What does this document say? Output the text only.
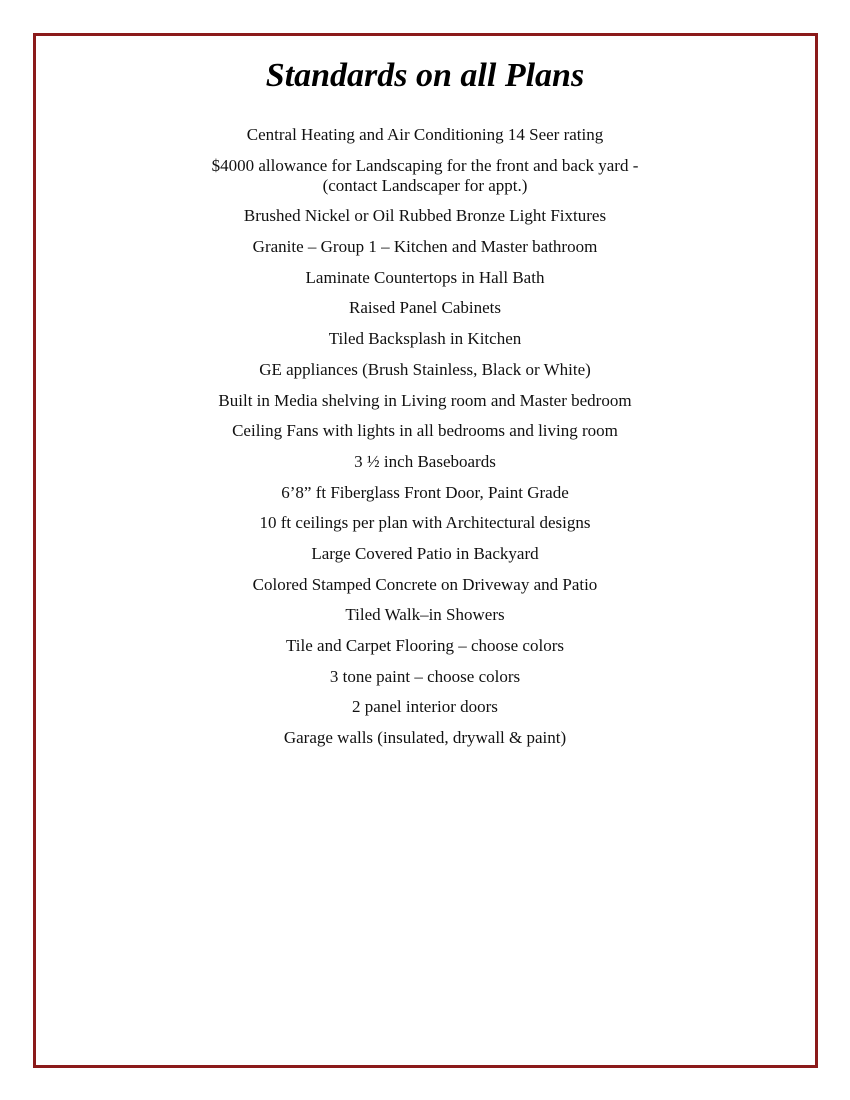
Standards on all Plans
Central Heating and Air Conditioning 14 Seer rating
$4000 allowance for Landscaping for the front and back yard -
(contact Landscaper for appt.)
Brushed Nickel or Oil Rubbed Bronze Light Fixtures
Granite – Group 1 – Kitchen and Master bathroom
Laminate Countertops in Hall Bath
Raised Panel Cabinets
Tiled Backsplash in Kitchen
GE appliances (Brush Stainless, Black or White)
Built in Media shelving in Living room and Master bedroom
Ceiling Fans with lights in all bedrooms and living room
3 ½ inch Baseboards
6’8” ft Fiberglass Front Door, Paint Grade
10 ft ceilings per plan with Architectural designs
Large Covered Patio in Backyard
Colored Stamped Concrete on Driveway and Patio
Tiled Walk–in Showers
Tile and Carpet Flooring – choose colors
3 tone paint – choose colors
2 panel interior doors
Garage walls (insulated, drywall & paint)
